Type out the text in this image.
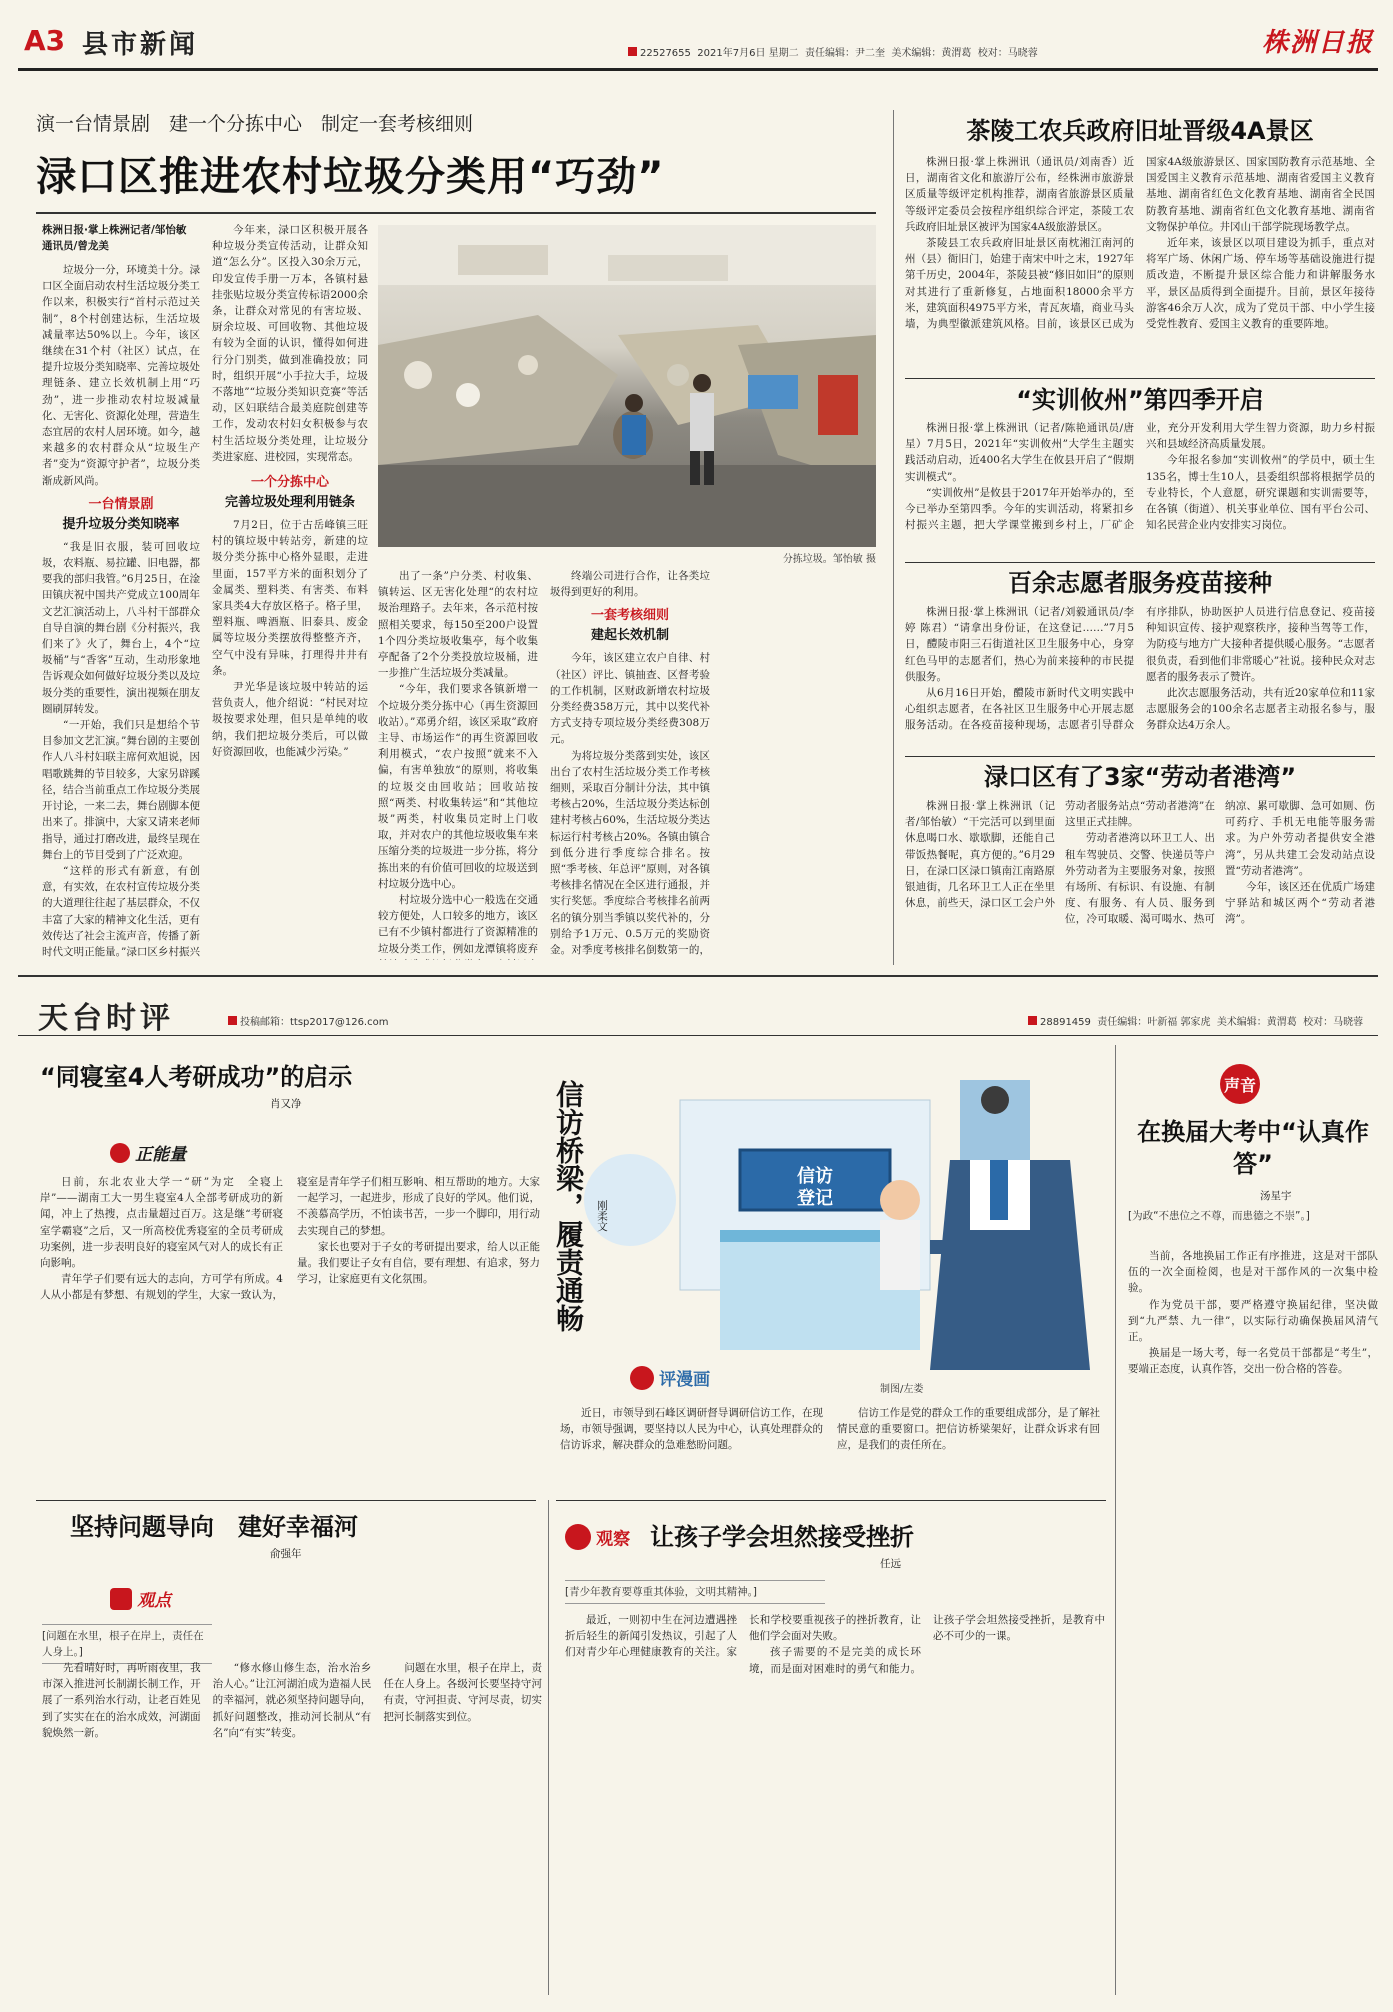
A3 县市新闻	22527655 2021年7月6日 星期二 责任编辑：尹二奎 美术编辑：黄渭葛 校对：马晓蓉	株洲日报
演一台情景剧　建一个分拣中心　制定一套考核细则
渌口区推进农村垃圾分类用“巧劲”
株洲日报·掌上株洲记者/邹怡敏
通讯员/曾龙美

垃圾分一分，环境美十分。渌口区全面启动农村生活垃圾分类工作以来，积极实行“首村示范过关制”，8个村创建达标，生活垃圾减量率达50%以上。今年，该区继续在31个村（社区）试点，在提升垃圾分类知晓率、完善垃圾处理链条、建立长效机制上用“巧劲”，进一步推动农村垃圾减量化、无害化、资源化处理，营造生态宜居的农村人居环境。如今，越来越多的农村群众从“垃圾生产者”变为“资源守护者”，垃圾分类渐成新风尚。

一台情景剧
提升垃圾分类知晓率

“我是旧衣服，装可回收垃圾，农料瓶、易拉罐、旧电器，都要我的部归我管。”6月25日，在淦田镇庆祝中国共产党成立100周年文艺汇演活动上，八斗村干部群众自导自演的舞台剧《分村振兴，我们来了》火了，舞台上，4个“垃圾桶”与“香客”互动，生动形象地告诉观众如何做好垃圾分类以及垃圾分类的重要性，演出视频在朋友圈刷屏转发。

“一开始，我们只是想给个节目参加文艺汇演。”舞台剧的主要创作人八斗村妇联主席何欢旭说，因唱歌跳舞的节目较多，大家另辟蹊径，结合当前重点工作垃圾分类展开讨论，一来二去，舞台剧脚本便出来了。排演中，大家又请来老师指导，通过打磨改进，最终呈现在舞台上的节目受到了广泛欢迎。

“这样的形式有新意，有创意，有实效，在农村宣传垃圾分类的大道理往往起了基层群众，不仅丰富了大家的精神文化生活，更有效传达了社会主流声音，传播了新时代文明正能量。”渌口区乡村振兴

今年来，渌口区积极开展各种垃圾分类宣传活动，让群众知道“怎么分”。区投入30余万元，印发宣传手册一万本，各镇村悬挂张贴垃圾分类宣传标语2000余条，让群众对常见的有害垃圾、厨余垃圾、可回收物、其他垃圾有较为全面的认识，懂得如何进行分门别类，做到准确投放；同时，组织开展“小手拉大手，垃圾不落地”“垃圾分类知识竞赛”等活动，区妇联结合最美庭院创建等工作，发动农村妇女积极参与农村生活垃圾分类处理，让垃圾分类进家庭、进校园，实现常态。

一个分拣中心
完善垃圾处理利用链条

7月2日，位于古岳峰镇三旺村的镇垃圾中转站旁，新建的垃圾分类分拣中心格外显眼，走进里面，157平方米的面积划分了金属类、塑料类、有害类、布料家具类4大存放区格子。格子里，塑料瓶、啤酒瓶、旧泰具、废金属等垃圾分类摆放得整整齐齐，空气中没有异味，打理得井井有条。

尹光华是该垃圾中转站的运营负责人，他介绍说：“村民对垃圾按要求处理，但只是单纯的收纳，我们把垃圾分类后，可以做好资源回收，也能减少污染。”

分拣垃圾。邹怡敏 摄

出了一条”户分类、村收集、镇转运、区无害化处理“的农村垃圾治理路子。去年来，各示范村按照相关要求，每150至200户设置1个四分类垃圾收集亭，每个收集亭配备了2个分类投放垃圾桶，进一步推广生活垃圾分类减量。

“今年，我们要求各镇新增一个垃圾分类分拣中心（再生资源回收站）。”邓勇介绍，该区采取”政府主导、市场运作“的再生资源回收利用模式，“农户按照”就来不入偏，有害单独放“的原则，将收集的垃圾交由回收站；回收站按照“两类、村收集转运”和“其他垃圾”两类，村收集员定时上门收取，并对农户的其他垃圾收集车来压缩分类的垃圾进一步分拣，将分拣出来的有价值可回收的垃圾送到村垃圾分选中心。

村垃圾分选中心一般选在交通较方便处，人口较多的地方，该区已有不少镇村都进行了资源精准的垃圾分类工作，例如龙潭镇将废弃

终端公司进行合作，让各类垃圾得到更好的利用。

一套考核细则
建起长效机制

今年，该区建立农户自律、村（社区）评比、镇抽查、区督考验的工作机制，区财政新增农村垃圾分类经费358万元，其中以奖代补方式支持专项垃圾分类经费308万元。

为将垃圾分类落到实处，该区出台了农村生活垃圾分类工作考核细则，采取百分制计分法，其中镇考核占20%，生活垃圾分类达标创建村考核占60%，生活垃圾分类达标运行村考核占20%。各镇由镇合到低分进行季度综合排名。按照“季考核、年总评”原则，对各镇考核排名情况在全区进行通报，并实行奖惩。季度综合考核排名前两名的镇分别当季镇以奖代补的，分别给予1万元、0.5万元的奖励资金。对季度考核排名倒数第一的，

茶陵工农兵政府旧址晋级4A景区

株洲日报·掌上株洲讯（通讯员/刘南香）近日，湖南省文化和旅游厅公布，经株洲市旅游景区质量等级评定机构推荐，湖南省旅游景区质量等级评定委员会按程序组织综合评定，茶陵工农兵政府旧址景区被评为国家4A级旅游景区。

茶陵县工农兵政府旧址景区南枕湘江南河的州（县）衙旧门，始建于南宋中叶之末，1927年第千历史，2004年，茶陵县被“修旧如旧”的原则对其进行了重新修复，占地面积18000余平方米，建筑面积4975平方米，青瓦灰墙，商业马头墙，为典型徽派建筑风格。目前，该景区已成为国家4A级旅游景区、国家国防教育示范基地、全国爱国主义教育示范基地、湖南省爱国主义教育基地、湖南省红色文化教育基地、湖南省全民国防教育基地、湖南省红色文化教育基地、湖南省文物保护单位。井冈山干部学院现场教学点。

近年来，该景区以项目建设为抓手，重点对将军广场、休闲广场、停车场等基础设施进行提质改造，不断提升景区综合能力和讲解服务水平，景区品质得到全面提升。目前，景区年接待游客46余万人次，成为了党员干部、中小学生接受党性教育、爱国主义教育的重要阵地。

“实训攸州”第四季开启

株洲日报·掌上株洲讯（记者/陈艳通讯员/唐星）7月5日，2021年“实训攸州”大学生主题实践活动启动，近400名大学生在攸县开启了“假期实训模式”。

“实训攸州”是攸县于2017年开始举办的，至今已举办至第四季。今年的实训活动，将紧扣乡村振兴主题，把大学课堂搬到乡村上，厂矿企业，充分开发利用大学生智力资源，助力乡村振兴和县域经济高质量发展。

今年报名参加“实训攸州”的学员中，硕士生135名，博士生10人，县委组织部将根据学员的专业特长，个人意愿，研究课题和实训需要等，在各镇（街道）、机关事业单位、国有平台公司、知名民营企业内安排实习岗位。

百余志愿者服务疫苗接种

株洲日报·掌上株洲讯（记者/刘毅通讯员/李婷 陈君）“请拿出身份证，在这登记……”7月5日，醴陵市阳三石街道社区卫生服务中心，身穿红色马甲的志愿者们，热心为前来接种的市民提供服务。

从6月16日开始，醴陵市新时代文明实践中心组织志愿者，在各社区卫生服务中心开展志愿服务活动。在各疫苗接种现场，志愿者引导群众有序排队，协助医护人员进行信息登记、疫苗接种知识宣传、接护观察秩序，接种当驾等工作，为防疫与地方广大接种者提供暖心服务。“志愿者很负责，看到他们非常暖心”社说。接种民众对志愿者的服务表示了赞许。

此次志愿服务活动，共有近20家单位和11家志愿服务会的100余名志愿者主动报名参与，服务群众达4万余人。

渌口区有了3家“劳动者港湾”

株洲日报·掌上株洲讯（记者/邹怡敏）“干完活可以到里面休息喝口水、歇歇脚，还能自己带饭热餐呢，真方便的。”6月29日，在渌口区渌口镇南江南路原银迪街，几名环卫工人正在坐里休息，前些天，渌口区工会户外劳动者服务站点“劳动者港湾”在这里正式挂牌。

劳动者港湾以环卫工人、出租车驾驶员、交警、快递员等户外劳动者为主要服务对象，按照有场所、有标识、有设施、有制度、有服务、有人员、服务到位，冷可取暖、渴可喝水、热可纳凉、累可歇脚、急可如厕、伤可药疗、手机无电能等服务需求。为户外劳动者提供安全港湾”，另从共建工会发动站点设置“劳动者港湾”。

今年，该区还在优质广场建宁驿站和城区两个“劳动者港湾”。

天台时评	投稿邮箱：ttsp2017@126.com	28891459 责任编辑：叶新福 郭家虎 美术编辑：黄渭葛 校对：马晓蓉
“同寝室4人考研成功”的启示
肖又净
正能量

日前，东北农业大学一“研”为定　全寝上岸”——湖南工大一男生寝室4人全部考研成功的新闻，冲上了热搜，点击量超过百万。这是继“考研寝室学霸寝”之后，又一所高校优秀寝室的全员考研成功案例，进一步表明良好的寝室风气对人的成长有正向影响。

青年学子们要有远大的志向，方可学有所成。4人从小都是有梦想、有规划的学生，大家一致认为，寝室是青年学子们相互影响、相互帮助的地方。大家一起学习，一起进步，形成了良好的学风。他们说，不羡慕高学历，不怕读书苦，一步一个脚印，用行动去实现自己的梦想。

家长也要对于子女的考研提出要求，给人以正能量。我们要让子女有自信，要有理想、有追求，努力学习，让家庭更有文化氛围。

信访
登记
信访桥梁，履责通畅	刚柔文
评漫画	制图/左娄

近日，市领导到石峰区调研督导调研信访工作，在现场，市领导强调，要坚持以人民为中心，认真处理群众的信访诉求，解决群众的急难愁盼问题。

信访工作是党的群众工作的重要组成部分，是了解社情民意的重要窗口。把信访桥梁架好，让群众诉求有回应，是我们的责任所在。

声音
在换届大考中“认真作答”
汤星宇
[为政“不患位之不尊，而患德之不崇”。]

当前，各地换届工作正有序推进，这是对干部队伍的一次全面检阅，也是对干部作风的一次集中检验。

作为党员干部，要严格遵守换届纪律，坚决做到“九严禁、九一律”，以实际行动确保换届风清气正。

换届是一场大考，每一名党员干部都是“考生”，要端正态度，认真作答，交出一份合格的答卷。

坚持问题导向　建好幸福河
俞强年
观点
[问题在水里，根子在岸上，责任在人身上。]

先看晴好时，再听雨夜里，我市深入推进河长制湖长制工作，开展了一系列治水行动，让老百姓见到了实实在在的治水成效，河湖面貌焕然一新。

“修水修山修生态，治水治乡治人心。”让江河湖泊成为造福人民的幸福河，就必须坚持问题导向，抓好问题整改，推动河长制从“有名”向“有实”转变。

问题在水里，根子在岸上，责任在人身上。各级河长要坚持守河有责，守河担责、守河尽责，切实把河长制落实到位。

观察 让孩子学会坦然接受挫折
任远
[青少年教育要尊重其体验，文明其精神。]

最近，一则初中生在河边遭遇挫折后轻生的新闻引发热议，引起了人们对青少年心理健康教育的关注。家长和学校要重视孩子的挫折教育，让他们学会面对失败。

孩子需要的不是完美的成长环境，而是面对困难时的勇气和能力。让孩子学会坦然接受挫折，是教育中必不可少的一课。
